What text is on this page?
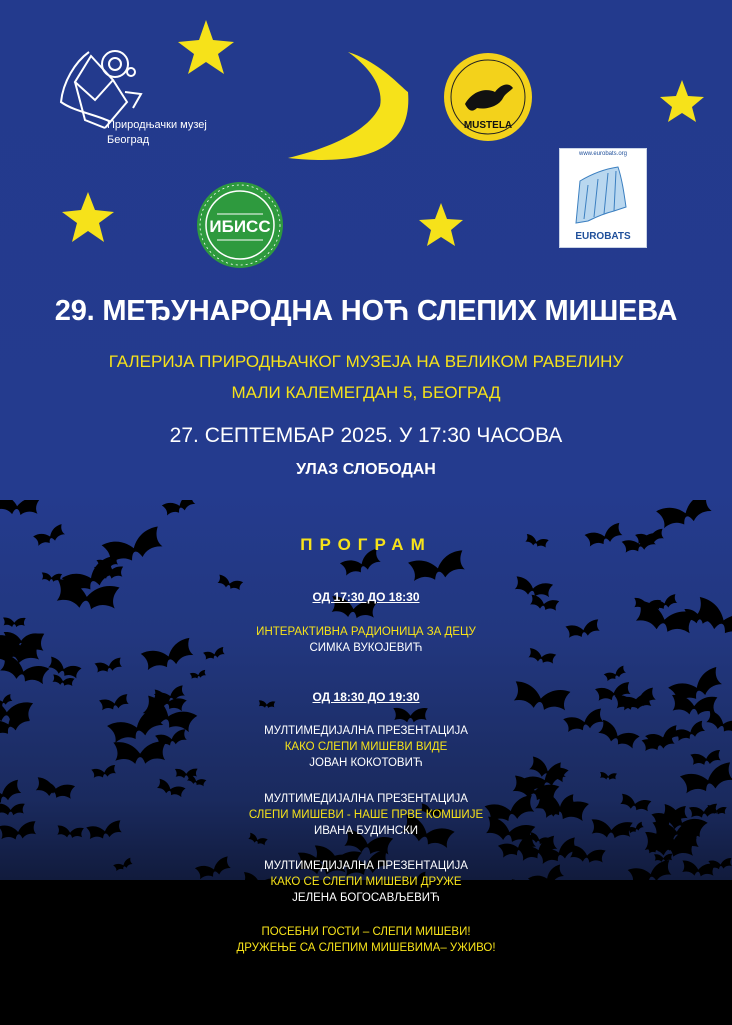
Природњачки музеј
Београд
ИБИСС
MUSTELA
www.eurobats.org
EUROBATS
29. МЕЂУНАРОДНА НОЋ СЛЕПИХ МИШЕВА
ГАЛЕРИЈА ПРИРОДЊАЧКОГ МУЗЕЈА НА ВЕЛИКОМ РАВЕЛИНУ
МАЛИ КАЛЕМЕГДАН 5, БЕОГРАД
27. СЕПТЕМБАР 2025. У 17:30 ЧАСОВА
УЛАЗ СЛОБОДАН
ПРОГРАМ
ОД 17:30 ДО 18:30
ИНТЕРАКТИВНА РАДИОНИЦА ЗА ДЕЦУ
СИМКА ВУКОЈЕВИЋ
ОД 18:30 ДО 19:30
МУЛТИМЕДИЈАЛНА ПРЕЗЕНТАЦИЈА
КАКО СЛЕПИ МИШЕВИ ВИДЕ
ЈОВАН КОКОТОВИЋ
МУЛТИМЕДИЈАЛНА ПРЕЗЕНТАЦИЈА
СЛЕПИ МИШЕВИ - НАШЕ ПРВЕ КОМШИЈЕ
ИВАНА БУДИНСКИ
МУЛТИМЕДИЈАЛНА ПРЕЗЕНТАЦИЈА
КАКО СЕ СЛЕПИ МИШЕВИ ДРУЖЕ
ЈЕЛЕНА БОГОСАВЉЕВИЋ
ПОСЕБНИ ГОСТИ – СЛЕПИ МИШЕВИ!
ДРУЖЕЊЕ СА СЛЕПИМ МИШЕВИМА– УЖИВО!
